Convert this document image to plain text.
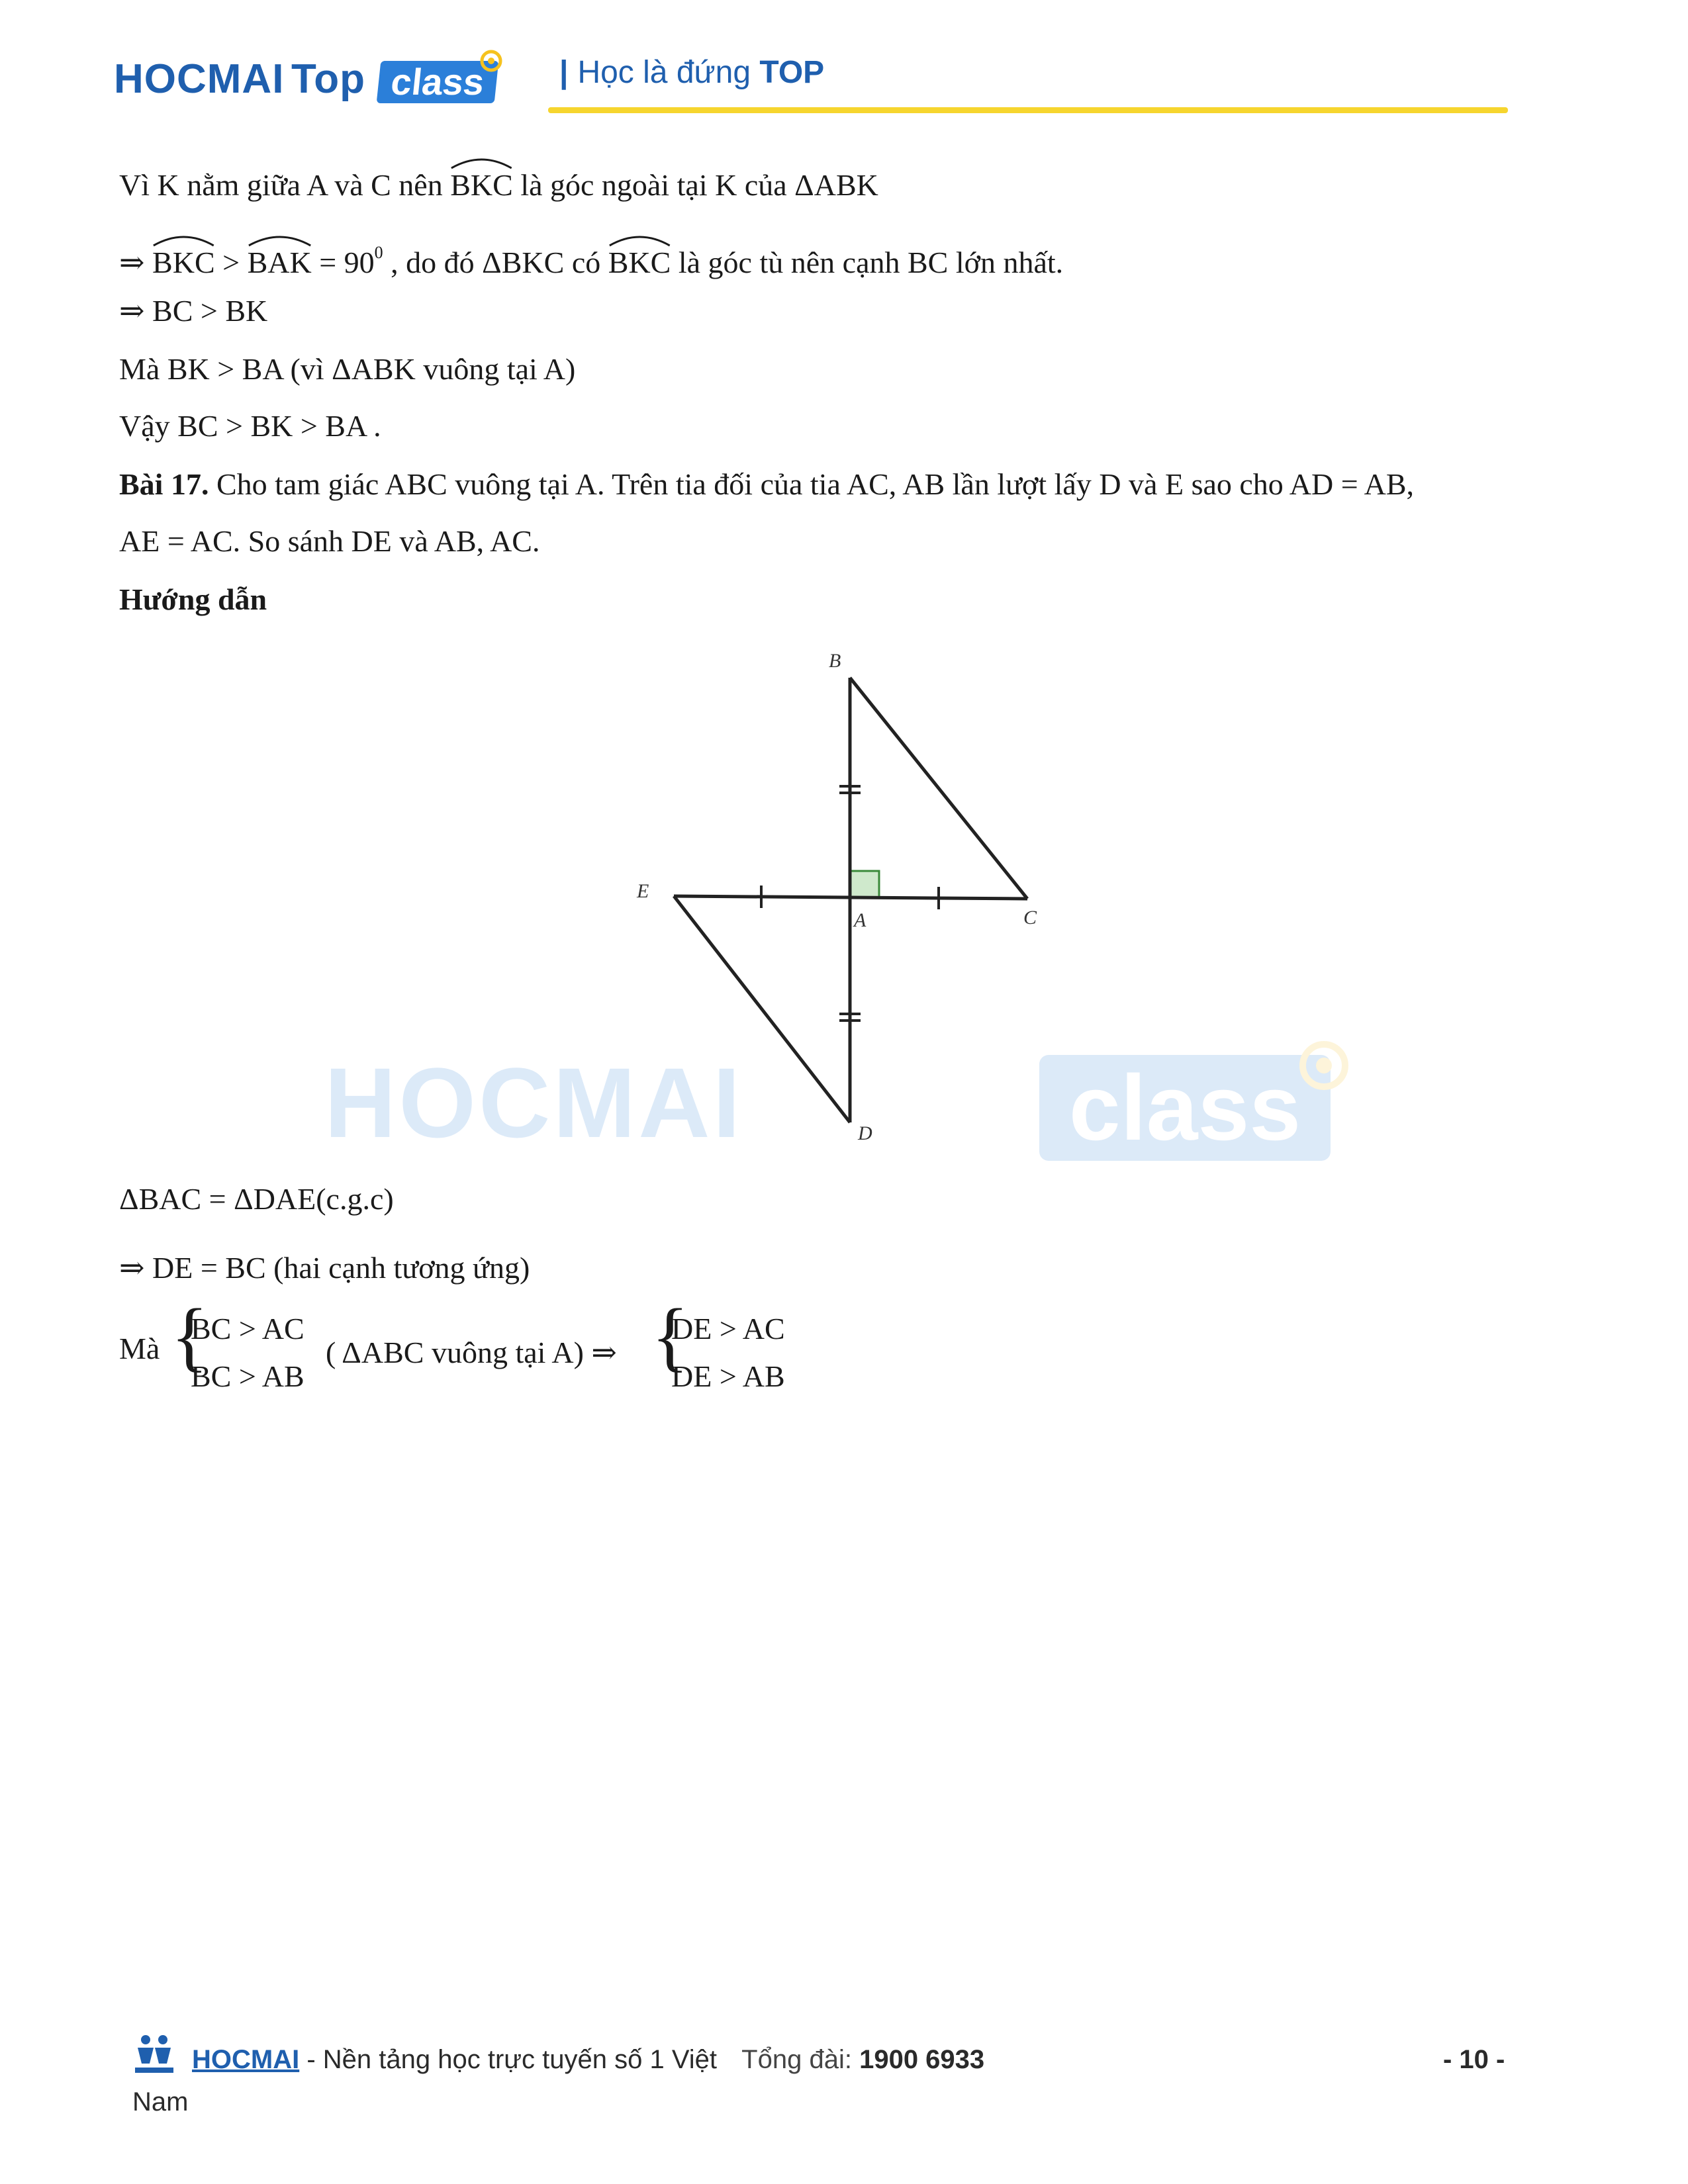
HOCMAI Top class	| Học là đứng TOP
Vì K nằm giữa A và C nên BKC là góc ngoài tại K của ΔABK
⇒ BKC > BAK = $90^0$ , do đó ΔBKC có BKC là góc tù nên cạnh BC lớn nhất.
⇒ BC > BK
Mà BK > BA (vì ΔABK vuông tại A)
Vậy BC > BK > BA .
Bài 17. Cho tam giác ABC vuông tại A. Trên tia đối của tia AC, AB lần lượt lấy D và E sao cho AD = AB,
AE = AC. So sánh DE và AB, AC.
Hướng dẫn
HOCMAI	class
B
E
A	C
D
ΔBAC = ΔDAE(c.g.c)
⇒ DE = BC (hai cạnh tương ứng)
Mà {
BC > AC
BC > AB
( ΔABC vuông tại A) ⇒ {
DE > AC
DE > AB
HOCMAI - Nền tảng học trực tuyến số 1 Việt Tổng đài: 1900 6933
Nam
- 10 -
